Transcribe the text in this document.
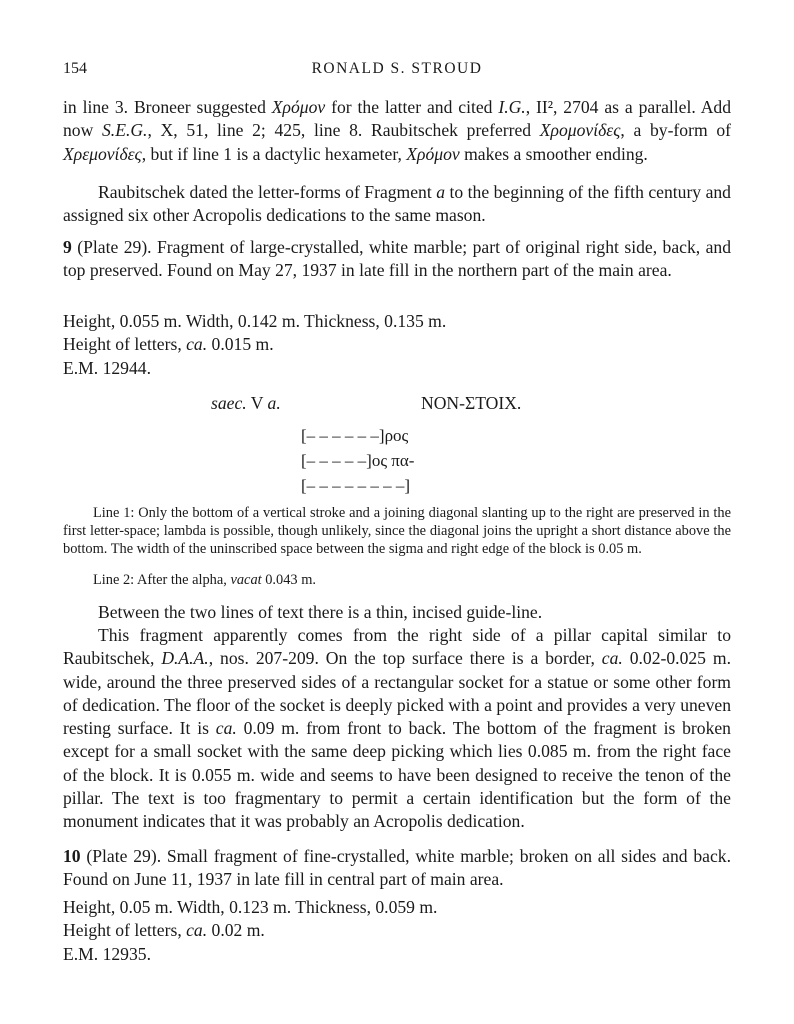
154	RONALD S. STROUD
in line 3. Broneer suggested Χρόμον for the latter and cited I.G., II², 2704 as a parallel. Add now S.E.G., X, 51, line 2; 425, line 8. Raubitschek preferred Χρομονίδες, a by-form of Χρεμονίδες, but if line 1 is a dactylic hexameter, Χρόμον makes a smoother ending.
Raubitschek dated the letter-forms of Fragment a to the beginning of the fifth century and assigned six other Acropolis dedications to the same mason.
9 (Plate 29). Fragment of large-crystalled, white marble; part of original right side, back, and top preserved. Found on May 27, 1937 in late fill in the northern part of the main area.
Height, 0.055 m. Width, 0.142 m. Thickness, 0.135 m.
Height of letters, ca. 0.015 m.
E.M. 12944.
saec. V a.	NON-ΣΤΟΙΧ.
[– – – – – –]ρος
[– – – – –]ος πα-
[– – – – – – – –]
Line 1: Only the bottom of a vertical stroke and a joining diagonal slanting up to the right are preserved in the first letter-space; lambda is possible, though unlikely, since the diagonal joins the upright a short distance above the bottom. The width of the uninscribed space between the sigma and right edge of the block is 0.05 m.
Line 2: After the alpha, vacat 0.043 m.
Between the two lines of text there is a thin, incised guide-line.
This fragment apparently comes from the right side of a pillar capital similar to Raubitschek, D.A.A., nos. 207-209. On the top surface there is a border, ca. 0.02-0.025 m. wide, around the three preserved sides of a rectangular socket for a statue or some other form of dedication. The floor of the socket is deeply picked with a point and provides a very uneven resting surface. It is ca. 0.09 m. from front to back. The bottom of the fragment is broken except for a small socket with the same deep picking which lies 0.085 m. from the right face of the block. It is 0.055 m. wide and seems to have been designed to receive the tenon of the pillar. The text is too fragmentary to permit a certain identification but the form of the monument indicates that it was probably an Acropolis dedication.
10 (Plate 29). Small fragment of fine-crystalled, white marble; broken on all sides and back. Found on June 11, 1937 in late fill in central part of main area.
Height, 0.05 m. Width, 0.123 m. Thickness, 0.059 m.
Height of letters, ca. 0.02 m.
E.M. 12935.
